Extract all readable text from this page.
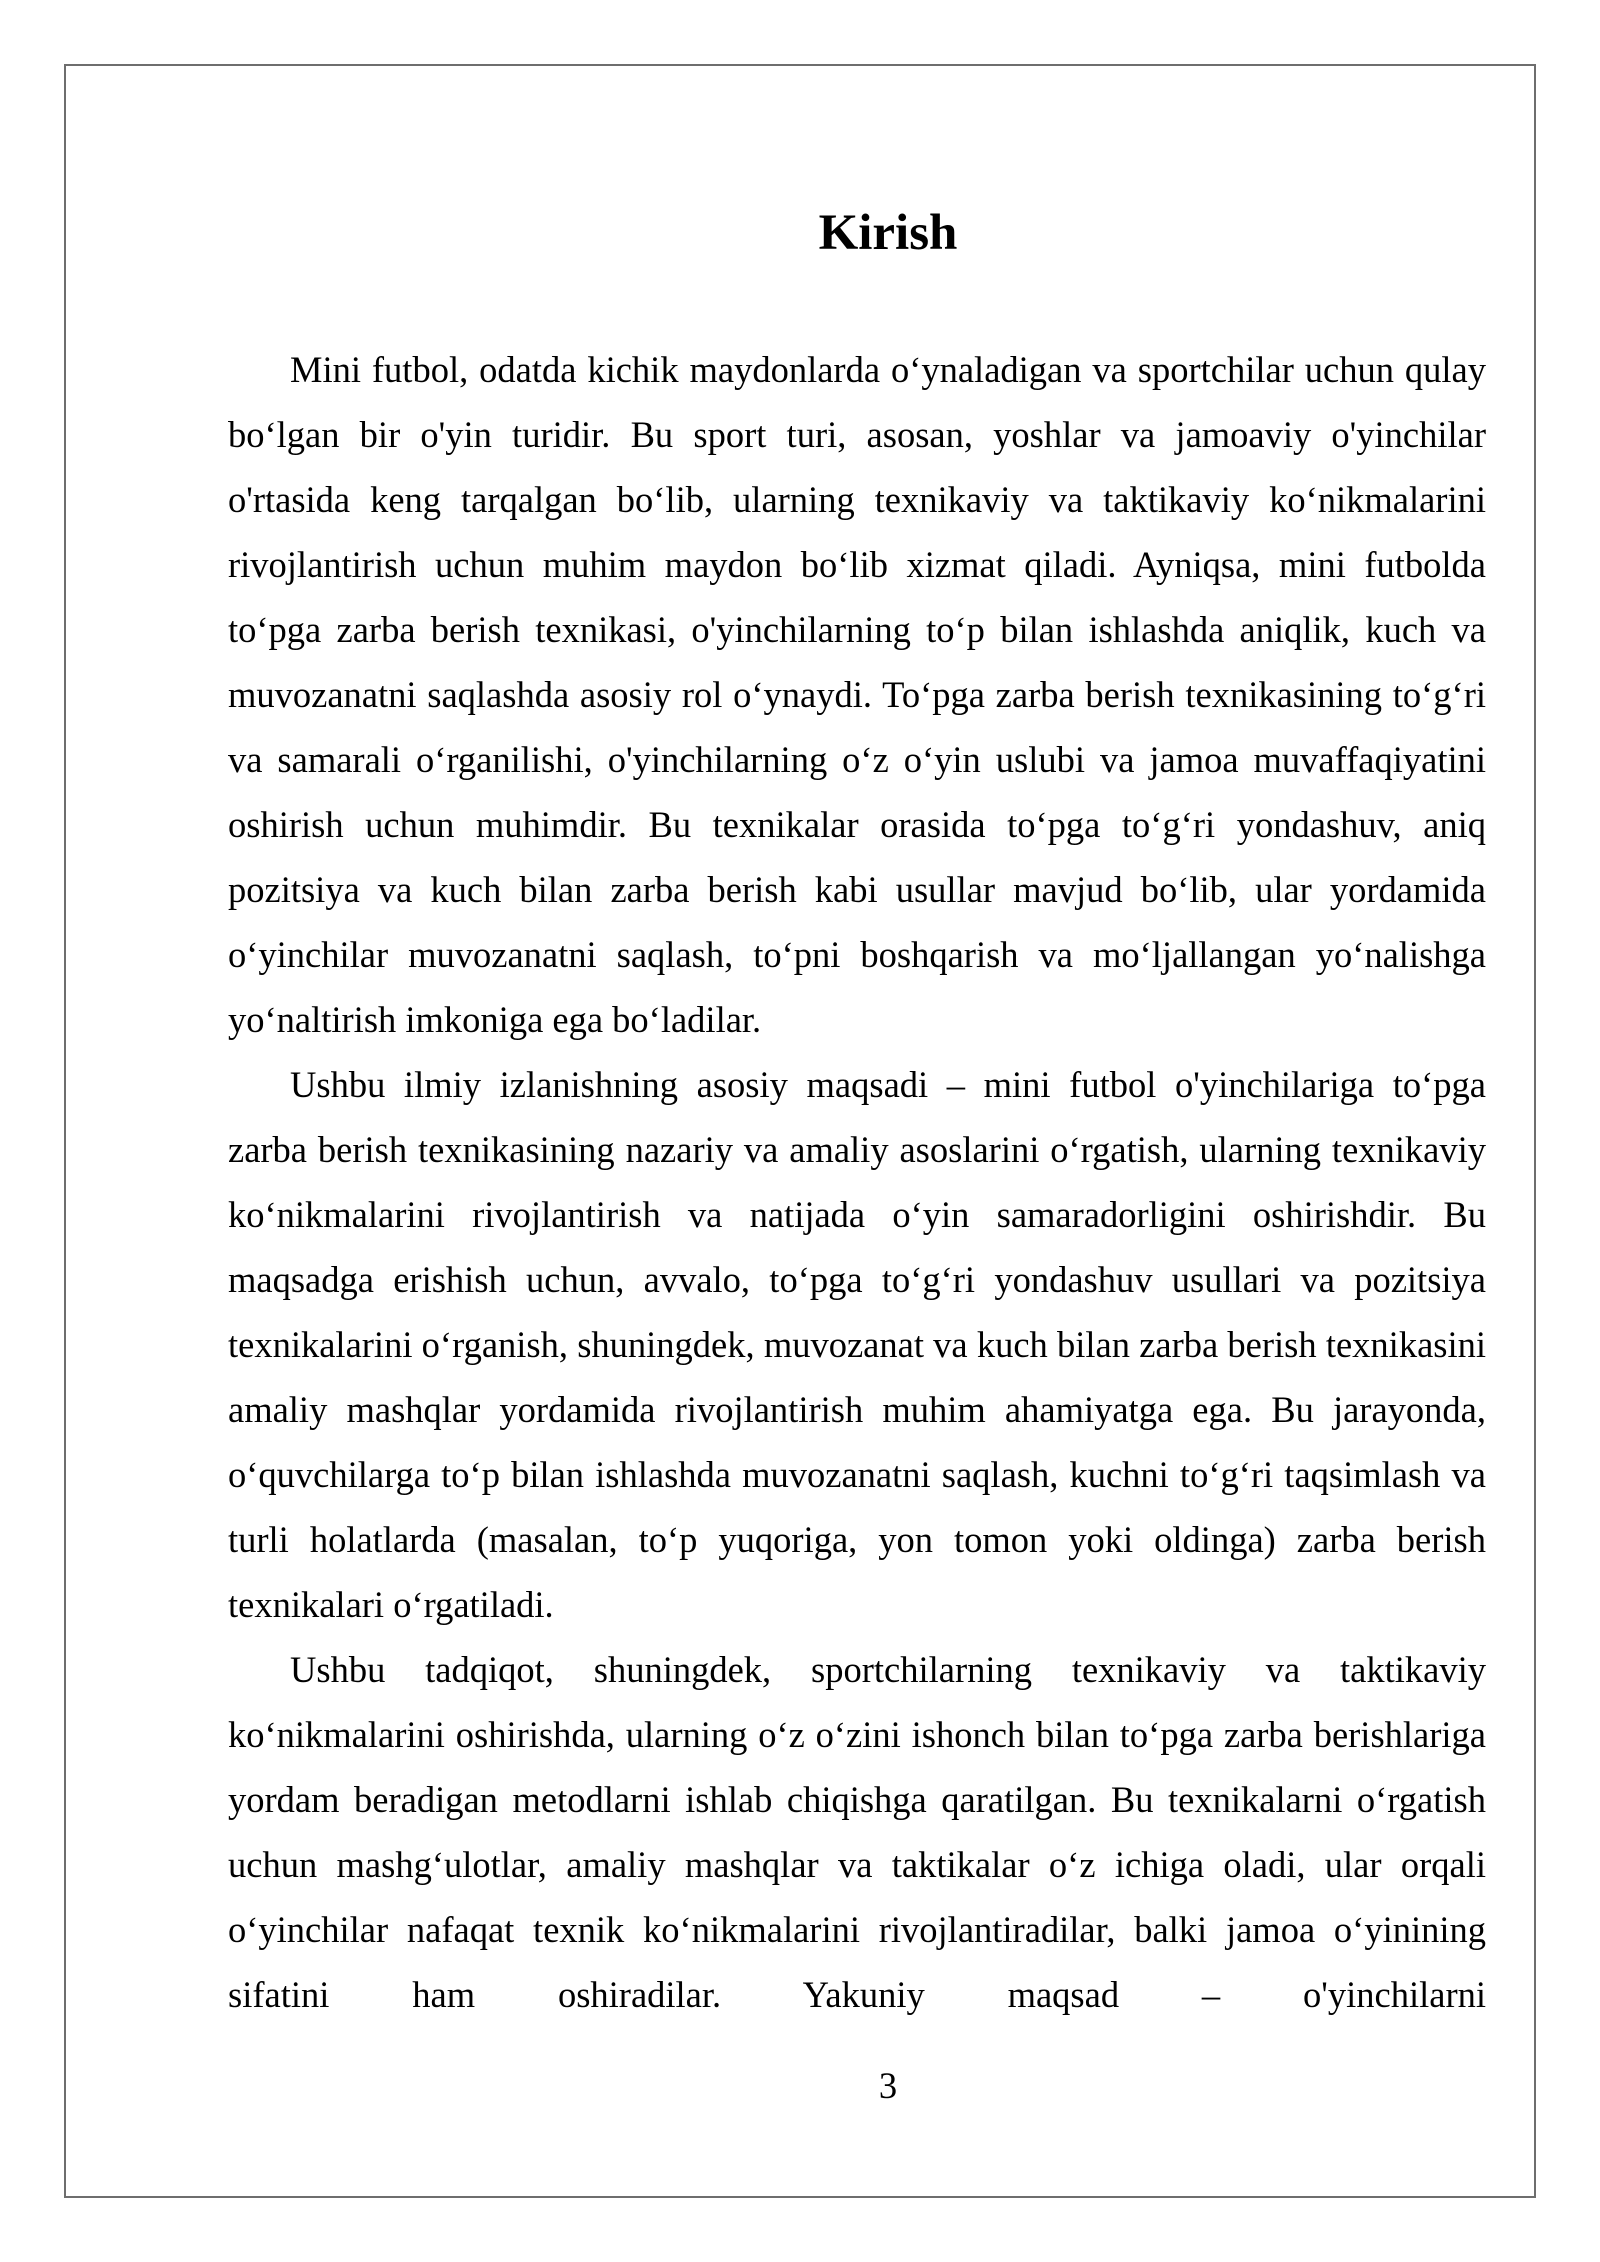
Kirish

Mini futbol, odatda kichik maydonlarda o‘ynaladigan va sportchilar uchun qulay bo‘lgan bir o'yin turidir. Bu sport turi, asosan, yoshlar va jamoaviy o'yinchilar o'rtasida keng tarqalgan bo‘lib, ularning texnikaviy va taktikaviy ko‘nikmalarini rivojlantirish uchun muhim maydon bo‘lib xizmat qiladi. Ayniqsa, mini futbolda to‘pga zarba berish texnikasi, o'yinchilarning to‘p bilan ishlashda aniqlik, kuch va muvozanatni saqlashda asosiy rol o‘ynaydi. To‘pga zarba berish texnikasining to‘g‘ri va samarali o‘rganilishi, o'yinchilarning o‘z o‘yin uslubi va jamoa muvaffaqiyatini oshirish uchun muhimdir. Bu texnikalar orasida to‘pga to‘g‘ri yondashuv, aniq pozitsiya va kuch bilan zarba berish kabi usullar mavjud bo‘lib, ular yordamida o‘yinchilar muvozanatni saqlash, to‘pni boshqarish va mo‘ljallangan yo‘nalishga yo‘naltirish imkoniga ega bo‘ladilar.

Ushbu ilmiy izlanishning asosiy maqsadi – mini futbol o'yinchilariga to‘pga zarba berish texnikasining nazariy va amaliy asoslarini o‘rgatish, ularning texnikaviy ko‘nikmalarini rivojlantirish va natijada o‘yin samaradorligini oshirishdir. Bu maqsadga erishish uchun, avvalo, to‘pga to‘g‘ri yondashuv usullari va pozitsiya texnikalarini o‘rganish, shuningdek, muvozanat va kuch bilan zarba berish texnikasini amaliy mashqlar yordamida rivojlantirish muhim ahamiyatga ega. Bu jarayonda, o‘quvchilarga to‘p bilan ishlashda muvozanatni saqlash, kuchni to‘g‘ri taqsimlash va turli holatlarda (masalan, to‘p yuqoriga, yon tomon yoki oldinga) zarba berish texnikalari o‘rgatiladi.

Ushbu tadqiqot, shuningdek, sportchilarning texnikaviy va taktikaviy ko‘nikmalarini oshirishda, ularning o‘z o‘zini ishonch bilan to‘pga zarba berishlariga yordam beradigan metodlarni ishlab chiqishga qaratilgan. Bu texnikalarni o‘rgatish uchun mashg‘ulotlar, amaliy mashqlar va taktikalar o‘z ichiga oladi, ular orqali o‘yinchilar nafaqat texnik ko‘nikmalarini rivojlantiradilar, balki jamoa o‘yinining sifatini ham oshiradilar. Yakuniy maqsad – o'yinchilarni

3
